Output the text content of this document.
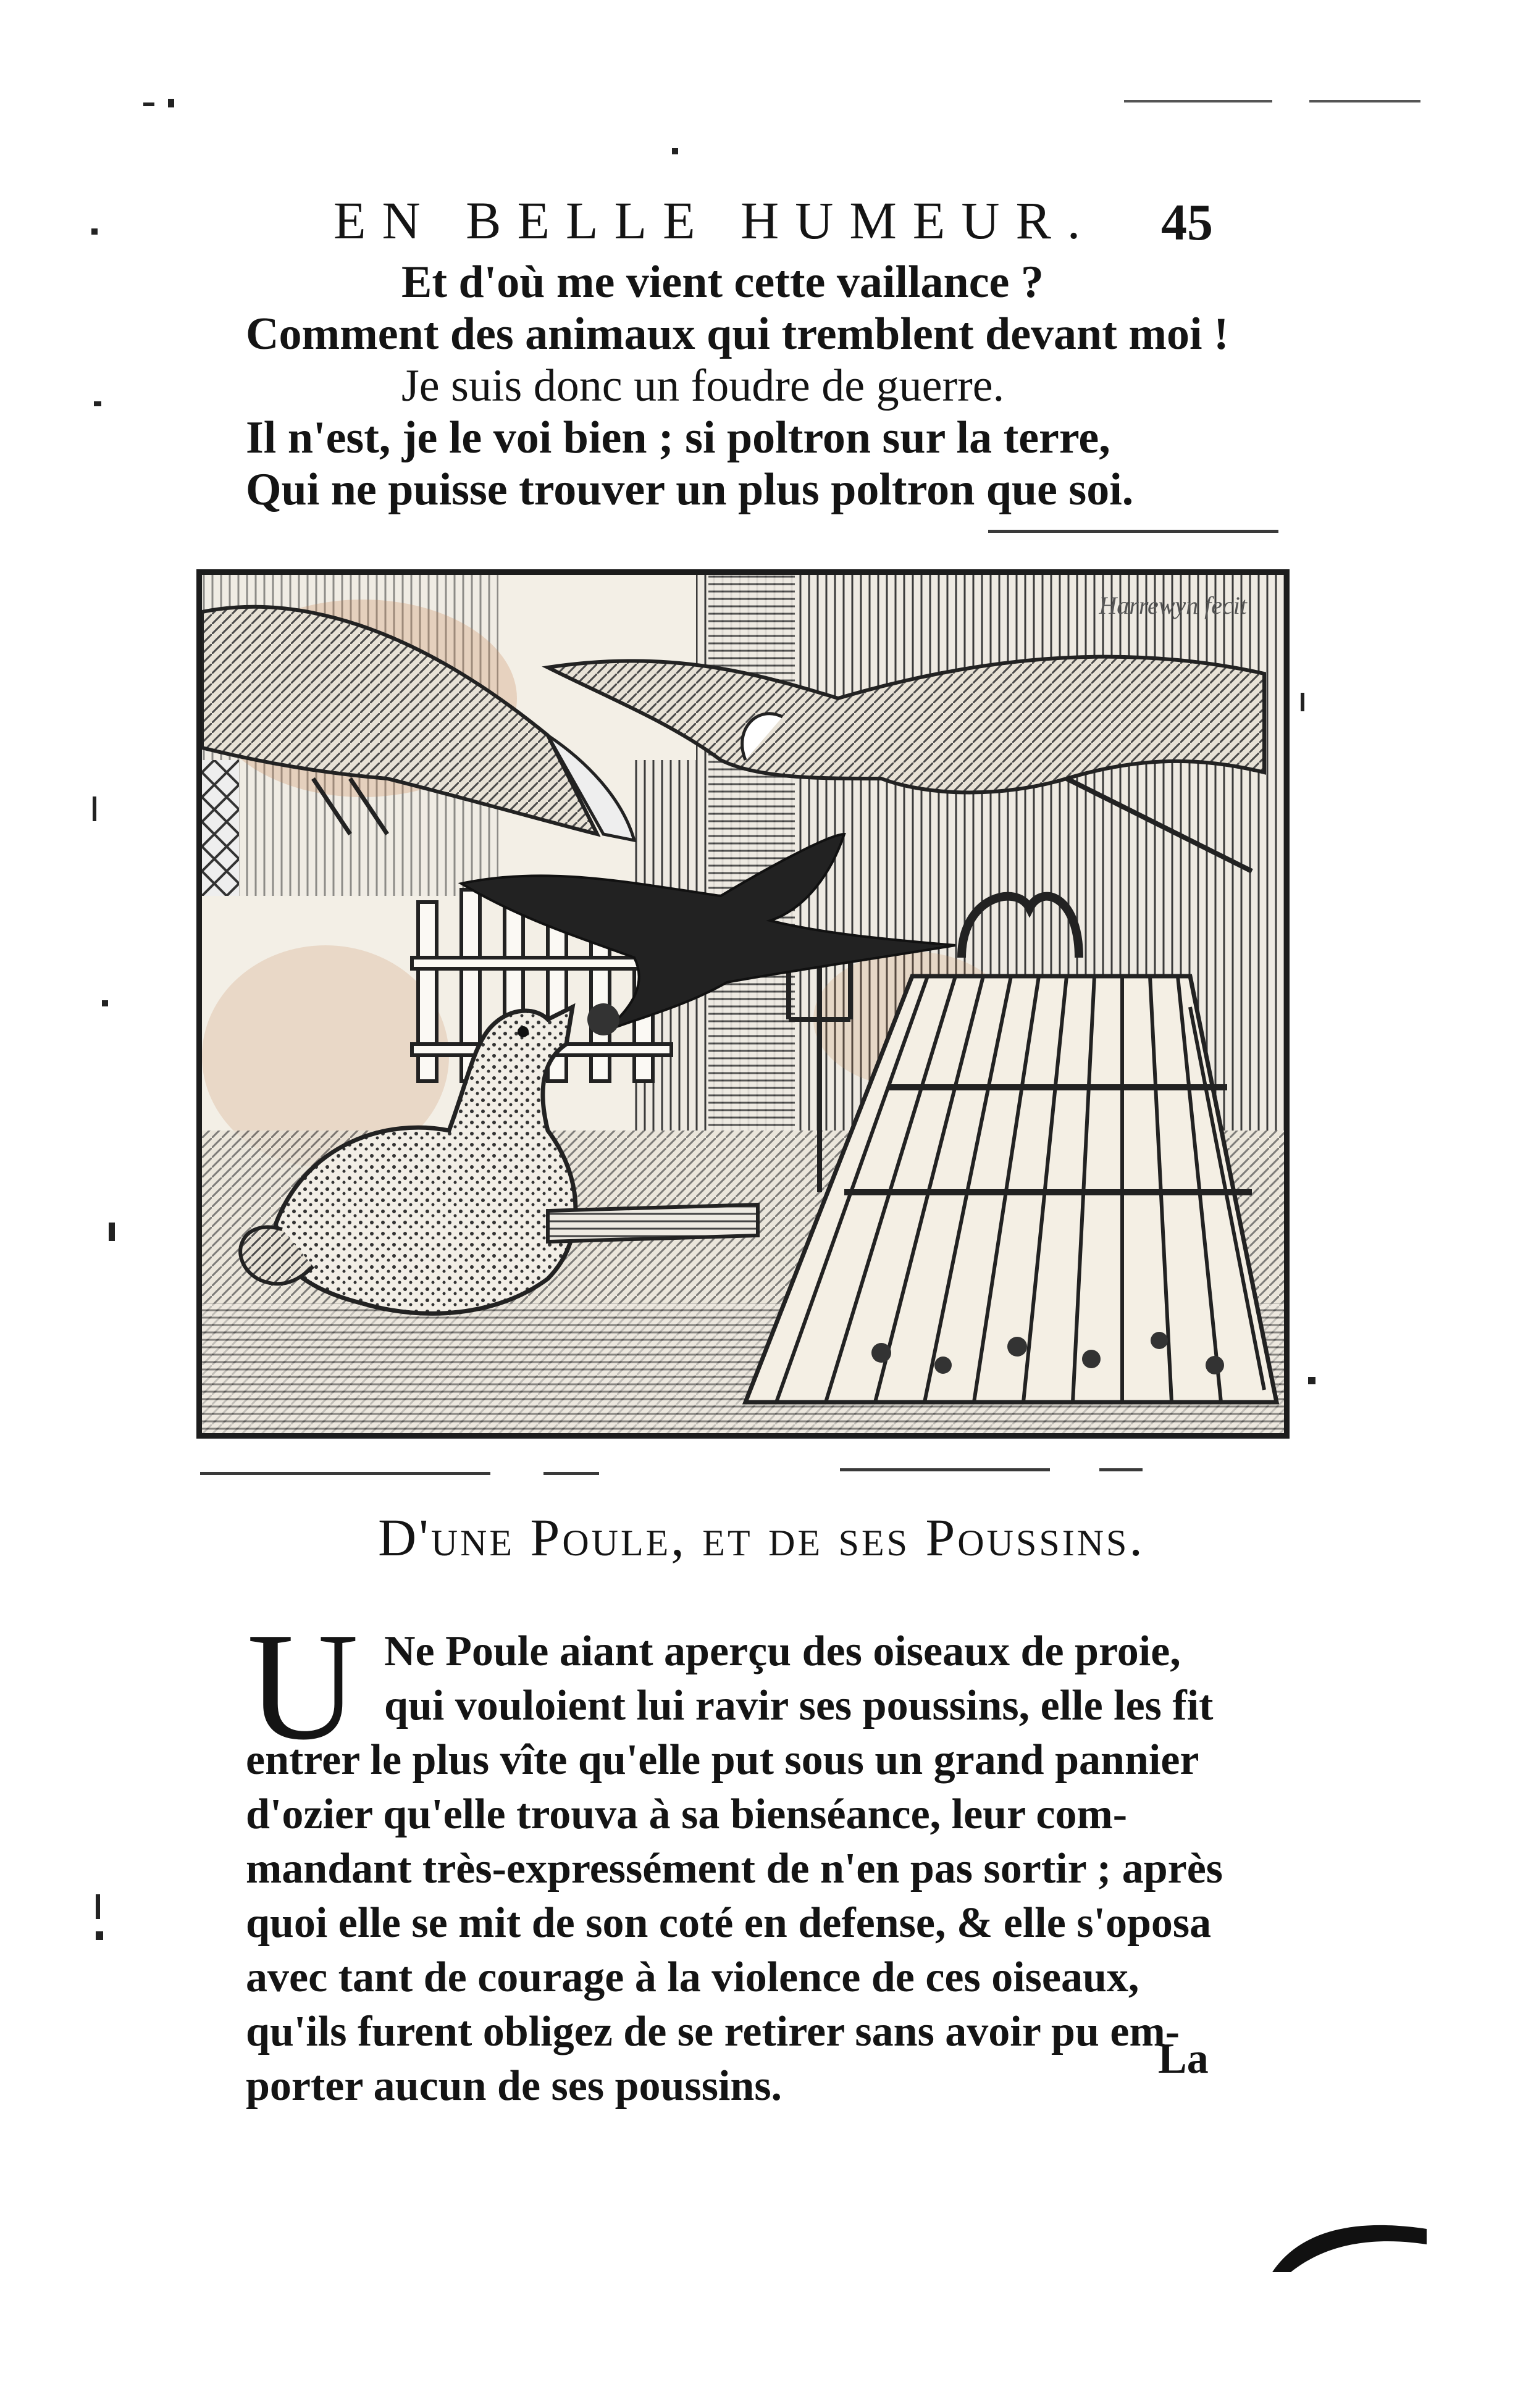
EN BELLE HUMEUR.	45
Et d'où me vient cette vaillance ?
Comment des animaux qui tremblent devant moi !
Je suis donc un foudre de guerre.
Il n'est, je le voi bien ; si poltron sur la terre,
Qui ne puisse trouver un plus poltron que soi.
Harrewyn fecit
D'une Poule, et de ses Poussins.
U Ne Poule aiant aperçu des oiseaux de proie,
qui vouloient lui ravir ses poussins, elle les fit
entrer le plus vîte qu'elle put sous un grand pannier
d'ozier qu'elle trouva à sa bienséance, leur com-
mandant très-expressément de n'en pas sortir ; après
quoi elle se mit de son coté en defense, & elle s'oposa
avec tant de courage à la violence de ces oiseaux,
qu'ils furent obligez de se retirer sans avoir pu em-
porter aucun de ses poussins.
La
